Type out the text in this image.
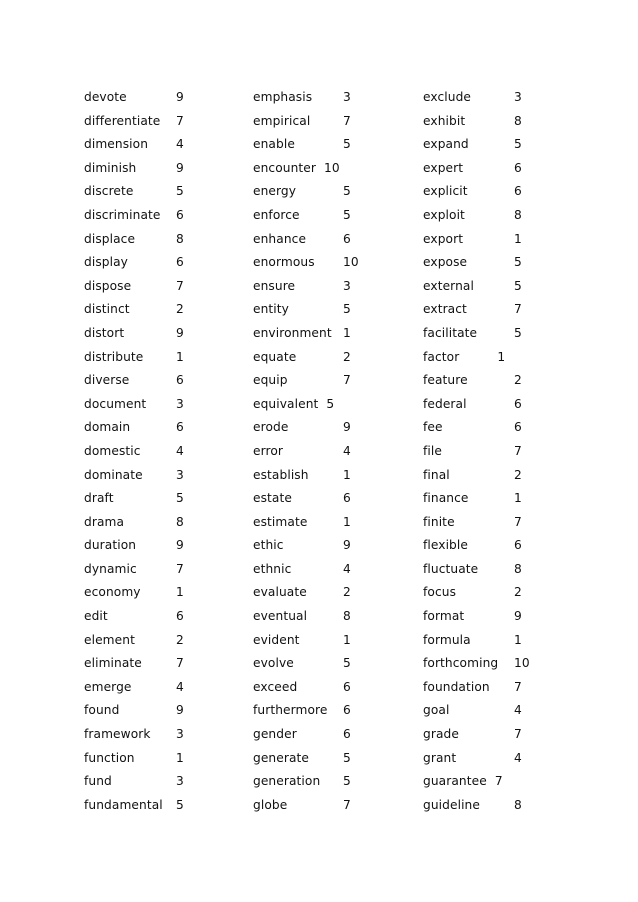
devote	9
differentiate 7
dimension 4
diminish	9
discrete	5
discriminate 6
displace	8
display	6
dispose	7
distinct	2
distort	9
distribute	1
diverse	6
document 3
domain	6
domestic	4
dominate	3
draft	5
drama	8
duration	9
dynamic	7
economy	1
edit	6
element	2
eliminate	7
emerge	4
found	9
framework 3
function	1
fund	3
fundamental 5
emphasis	3
empirical	7
enable	5
encounter 10
energy	5
enforce	5
enhance	6
enormous 10
ensure	3
entity	5
environment 1
equate	2
equip	7
equivalent 5
erode	9
error	4
establish	1
estate	6
estimate	1
ethic	9
ethnic	4
evaluate	2
eventual	8
evident	1
evolve	5
exceed	6
furthermore 6
gender	6
generate	5
generation 5
globe	7
exclude	3
exhibit	8
expand	5
expert	6
explicit	6
exploit	8
export	1
expose	5
external	5
extract	7
facilitate	5
factor	1
feature	2
federal	6
fee	6
file	7
final	2
finance	1
finite	7
flexible	6
fluctuate	8
focus	2
format	9
formula	1
forthcoming 10
foundation 7
goal	4
grade	7
grant	4
guarantee 7
guideline	8
